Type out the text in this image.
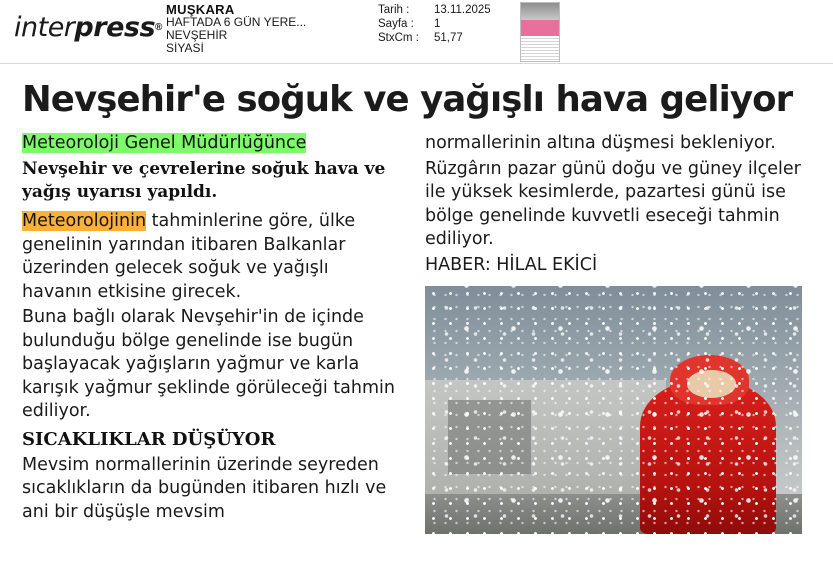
inter press ®
MUŞKARA
HAFTADA 6 GÜN YERE...
NEVŞEHİR
SİYASİ
Tarih :	13.11.2025
Sayfa :	1
StxCm :	51,77
Nevşehir'e soğuk ve yağışlı hava geliyor
Meteoroloji Genel Müdürlüğünce
Nevşehir ve çevrelerine soğuk hava ve yağış uyarısı yapıldı.

Meteorolojinin tahminlerine göre, ülke genelinin yarından itibaren Balkanlar üzerinden gelecek soğuk ve yağışlı havanın etkisine girecek.

Buna bağlı olarak Nevşehir'in de içinde bulunduğu bölge genelinde ise bugün başlayacak yağışların yağmur ve karla karışık yağmur şeklinde görüleceği tahmin ediliyor.

SICAKLIKLAR DÜŞÜYOR

Mevsim normallerinin üzerinde seyreden sıcaklıkların da bugünden itibaren hızlı ve ani bir düşüşle mevsim

normallerinin altına düşmesi bekleniyor.

Rüzgârın pazar günü doğu ve güney ilçeler ile yüksek kesimlerde, pazartesi günü ise bölge genelinde kuvvetli eseceği tahmin ediliyor.

HABER: HİLAL EKİCİ
